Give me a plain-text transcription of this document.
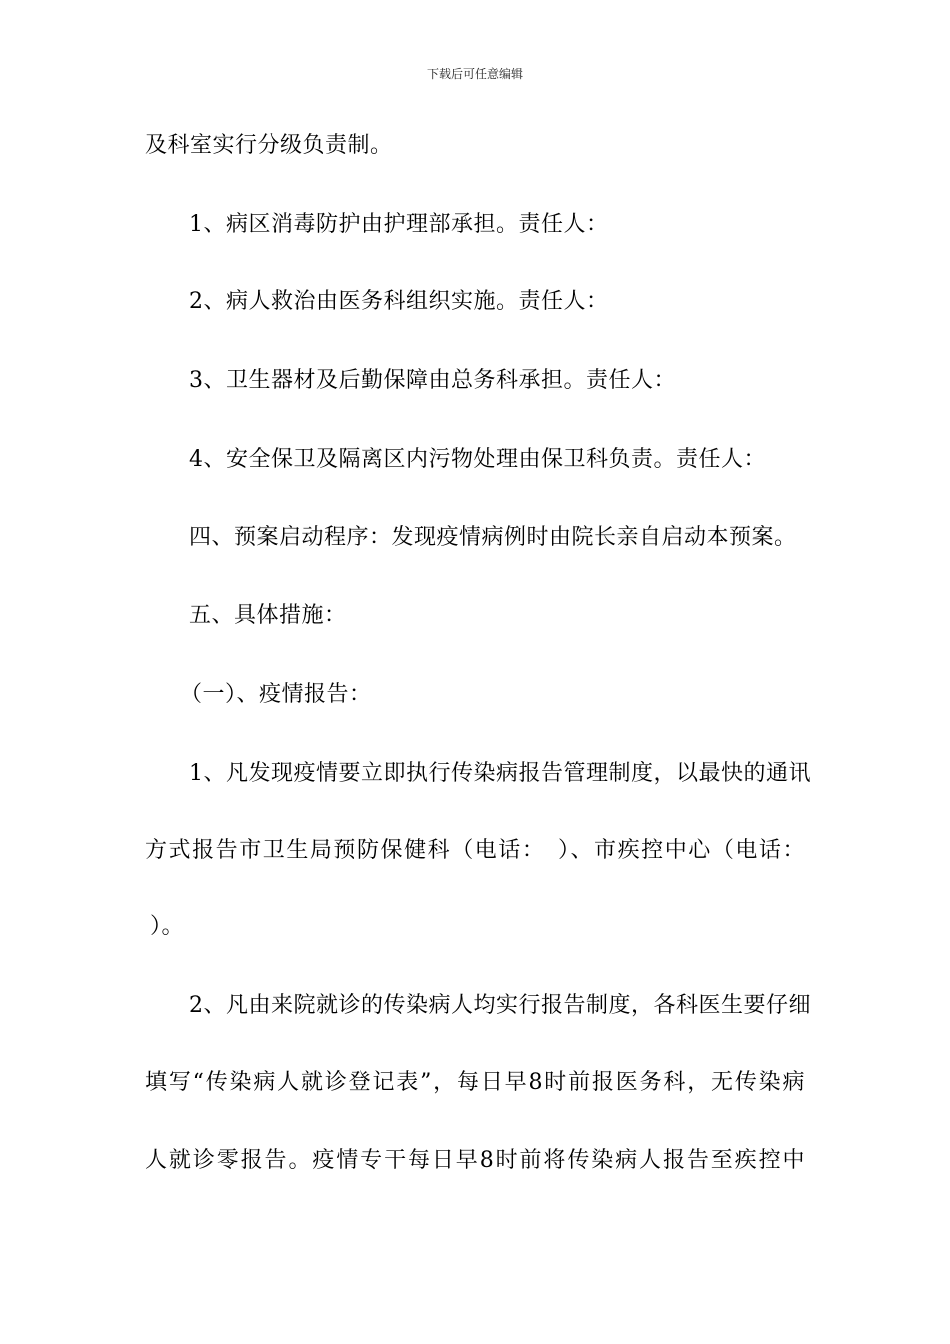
下载后可任意编辑
及科室实行分级负责制。
1、病区消毒防护由护理部承担。责任人：
2、病人救治由医务科组织实施。责任人：
3、卫生器材及后勤保障由总务科承担。责任人：
4、安全保卫及隔离区内污物处理由保卫科负责。责任人：
四、预案启动程序：发现疫情病例时由院长亲自启动本预案。
五、具体措施：
（一）、疫情报告：
1、凡发现疫情要立即执行传染病报告管理制度，以最快的通讯
方式报告市卫生局预防保健科（电话：　）、市疾控中心（电话：
）。
2、凡由来院就诊的传染病人均实行报告制度，各科医生要仔细
填写“传染病人就诊登记表”，每日早8时前报医务科，无传染病
人就诊零报告。疫情专干每日早8时前将传染病人报告至疾控中
